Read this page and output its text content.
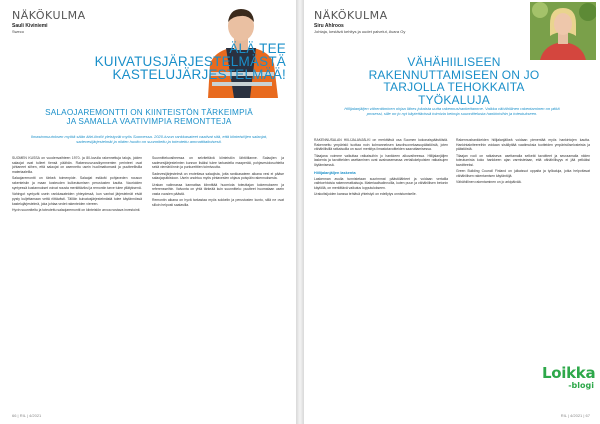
NÄKÖKULMA
Sauli Kiviniemi
Sweco
ÄLÄ TEE
KUIVATUSJÄRJESTELMÄSTÄ
KASTELUJÄRJESTELMÄÄ!
SALAOJAREMONTTI ON KIINTEISTÖN TÄRKEIMPIÄ
JA SAMALLA VAATIVIMPIA REMONTTEJA
Ilmastomuutoksen myötä sään ääri-ilmiöt yleistyvät myös Suomessa. 2020-luvun rankkasateet vaativat sitä, että kiinteistöjen salaojat, sadevesijärjestelmät ja niiden huolto on suunniteltu ja toteutettu ammattitaitoisesti.

SUOMEN KUSSA on vuodenvaihteen 1970- ja 80-luvulla rakennettuja taloja, joiden salaojat ovat tulleet tiensä päähän. Rakennusvuosikymmenten perinteet ovat johtaneet siihen, että salaojat on asennettu usein huolimattomasti ja puutteellisilla materiaaleilla.

Salaojaremontti on tärkeä toimenpide. Salaojat estävät pohjaveden nousun rakenteisiin ja maan kosteuden kulkeutumisen perustusten kautta. Vaurioiden syntyessä kustannukset voivat nousta merkittäviksi ja remontin tarve tulee yllätyksenä.

Vahingot syntyvät usein rankkasateiden yhteydessä, kun vanhat järjestelmät eivät pysty kuljettamaan vettä riittävästi. Tällöin kuivatusjärjestelmästä tulee käytännössä kastelujärjestelmä, joka johtaa vedet rakenteiden viereen.

Hyvin suunniteltu ja toteutettu salaojaremontti on kiinteistön arvoa nostava investointi.

Suunnitteluvaiheessa on selvitettävä kiinteistön lähtötilanne. Salaojien ja sadevesijärjestelmien kunnon lisäksi tulee tarkastella maaperää, pohjavesiolosuhteita sekä viemäröinnin ja purkureittien toimivuutta.

Sadevesijärjestelmä on erotettava salaojista, jotta rankkasateen aikana vesi ei pääse salaojaputkistoon. Usein unohtuu myös pintavesien ohjaus poispäin rakennuksesta.

Urakan valinnassa kannattaa kiinnittää huomiota toteuttajan kokemukseen ja referensseihin. Valvonta on yhtä tärkeää kuin suunnittelu: puutteet huomataan usein vasta vuosien päästä.

Remontin aikana on hyvä tarkastaa myös sokkelin ja perustusten kunto, sillä ne ovat silloin helposti saatavilla.

66 | RIL | 4/2021
NÄKÖKULMA
Siru Ahlroos
Johtaja, kestävä kehitys ja uudet palvelut, Avara Oy
VÄHÄHIILISEEN
RAKENNUTTAMISEEN ON JO
TARJOLLA TEHOKKAITA TYÖKALUJA
Hiilijalanjäljen vähentäminen ohjaa lähes jokaista uutta rakennushankettamme. Vaikka vähähiilinen rakentaminen on pitkä prosessi, sille on jo nyt käytettävissä toimivia keinoja suunnittelusta hankintoihin ja toteutukseen.

RAKENNUSALAN HIILIJALANJÄLKI on merkittävä osa Suomen kokonaispäästöistä. Rakennettu ympäristö tuottaa noin kolmanneksen kasvihuonekaasupäästöistä, joten vähähiilisillä ratkaisuilla on suuri merkitys ilmastotavoitteiden saavuttamisessa.

Tilaajana voimme vaikuttaa ratkaisuihin jo hankkeen alkuvaiheessa. Hiilijalanjäljen laskenta ja tavoitteiden asettaminen ovat avainasemassa vertailukelpoisten ratkaisujen löytämisessä.

Hiilijalanjäljen laskenta

Laskennan avulla tunnistetaan suurimmat päästölähteet ja voidaan vertailla vaihtoehtoisia rakenneratkaisuja. Materiaalivalinnoilla, kuten puun ja vähähiilisen betonin käytöllä, on merkittävä vaikutus lopputulokseen.

Urakoitsijoiden kanssa tehtävä yhteistyö on edellytys onnistumiselle.

Rakennushankkeiden hiilijalanjälkeä voidaan pienentää myös hankintojen kautta. Hankintakriteereihin voidaan sisällyttää vaatimuksia tuotteiden ympäristöselosteista ja päästöistä.

Tilaajan rooli on ratkaiseva: asettamalla selkeät tavoitteet ja seuraamalla niiden toteutumista koko hankkeen ajan varmistetaan, että vähähiilisyys ei jää pelkäksi tavoitteeksi.

Green Building Council Finland on julkaissut oppaita ja työkaluja, jotka helpottavat vähähiilisen rakentamisen käytäntöjä.

Vähähiilinen rakentaminen on jo arkipäivää.

Loikka
-blogi
RIL | 4/2021 | 67
